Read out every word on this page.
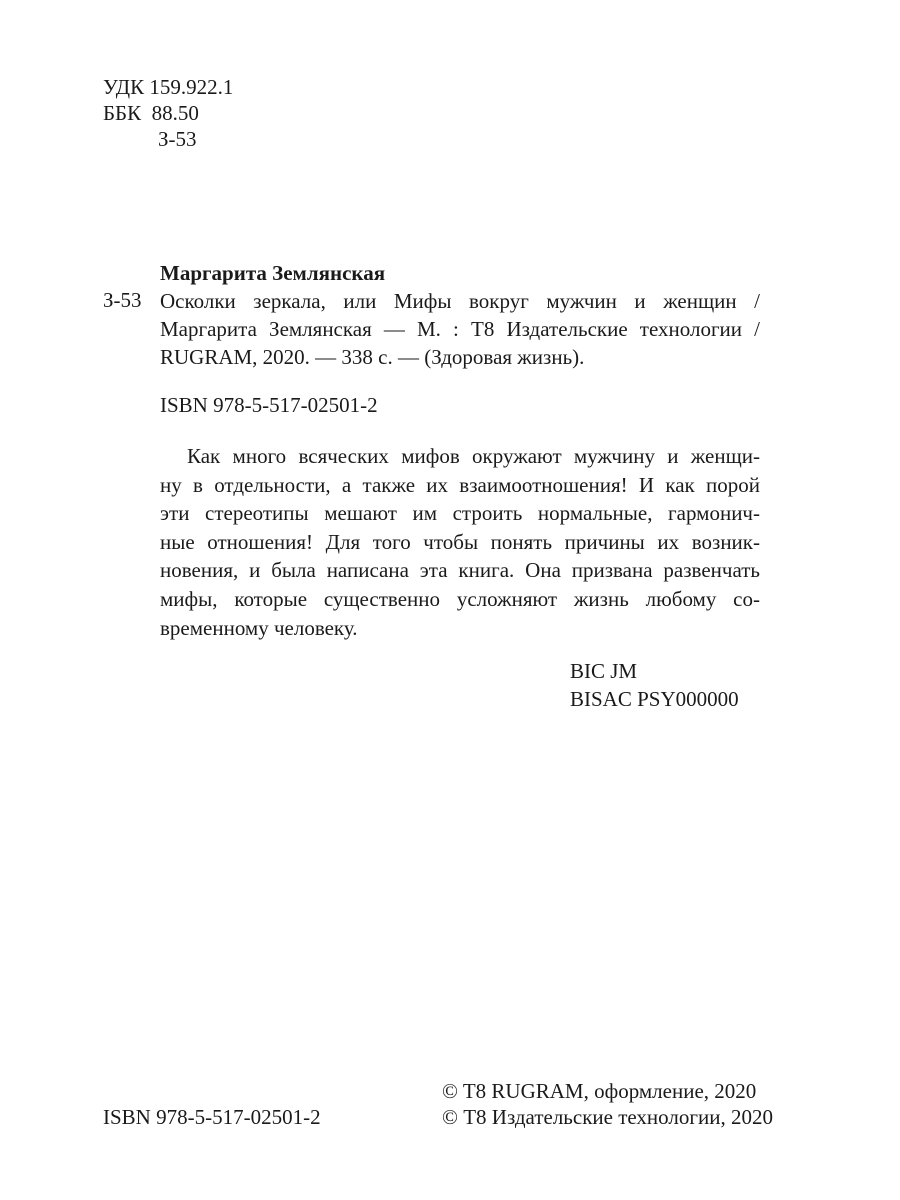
УДК 159.922.1
ББК  88.50
З-53
Маргарита Землянская
З-53 Осколки зеркала, или Мифы вокруг мужчин и женщин /
Маргарита Землянская — М. : Т8 Издательские технологии /
RUGRAM, 2020. — 338 с. — (Здоровая жизнь).
ISBN 978-5-517-02501-2
Как много всяческих мифов окружают мужчину и женщи-
ну в отдельности, а также их взаимоотношения! И как порой
эти стереотипы мешают им строить нормальные, гармонич-
ные отношения! Для того чтобы понять причины их возник-
новения, и была написана эта книга. Она призвана развенчать
мифы, которые существенно усложняют жизнь любому со-
временному человеку.
BIC JM
BISAC PSY000000
© T8 RUGRAM, оформление, 2020
ISBN 978-5-517-02501-2	© Т8 Издательские технологии, 2020
